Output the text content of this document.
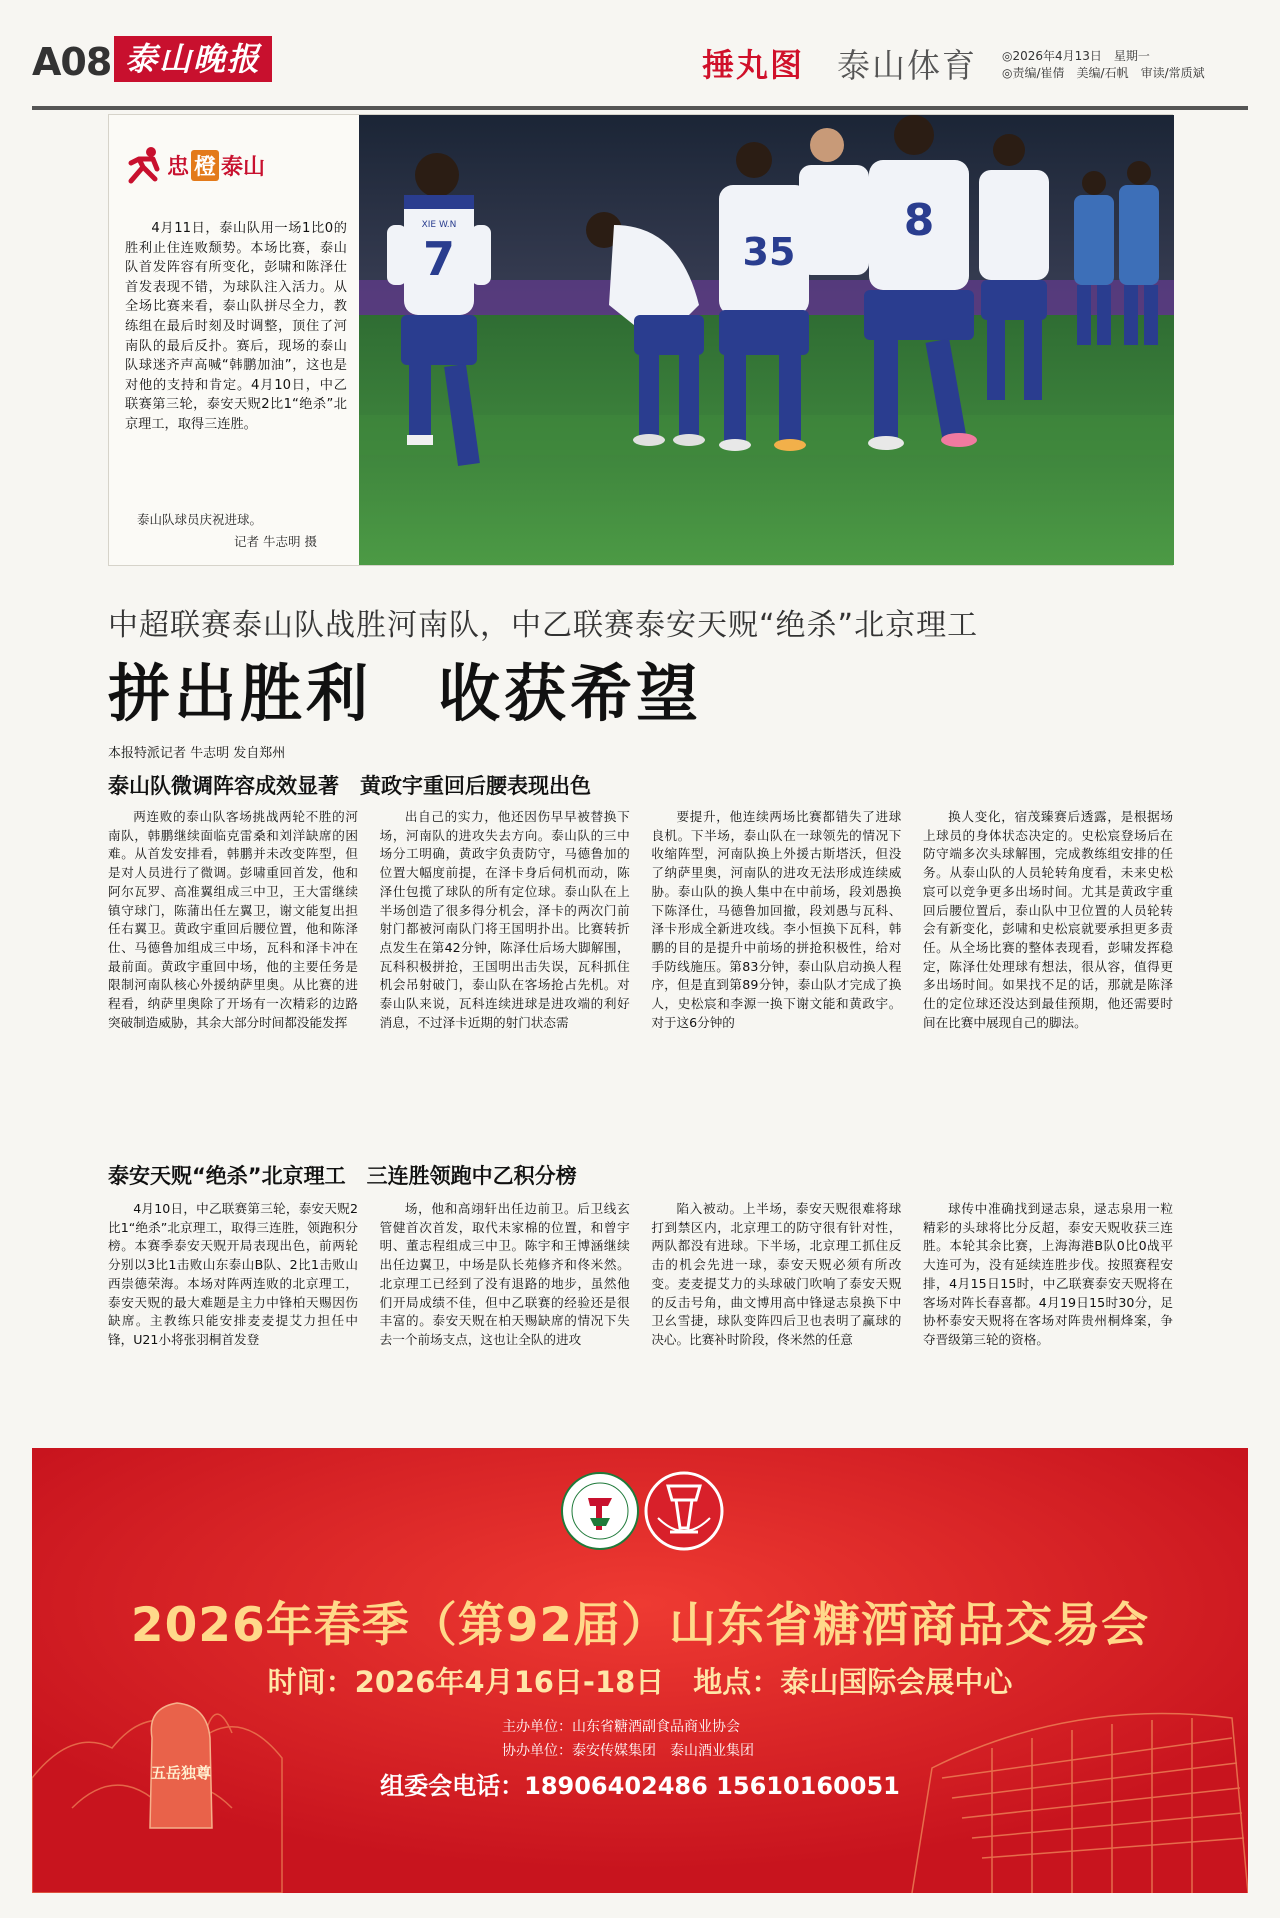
A08 泰山晚报	捶丸图 泰山体育 ◎2026年4月13日　星期一
◎责编/崔倩　美编/石帆　审读/常质斌
忠 橙 泰山
4月11日，泰山队用一场1比0的胜利止住连败颓势。本场比赛，泰山队首发阵容有所变化，彭啸和陈泽仕首发表现不错，为球队注入活力。从全场比赛来看，泰山队拼尽全力，教练组在最后时刻及时调整，顶住了河南队的最后反扑。赛后，现场的泰山队球迷齐声高喊“韩鹏加油”，这也是对他的支持和肯定。4月10日，中乙联赛第三轮，泰安天贶2比1“绝杀”北京理工，取得三连胜。
泰山队球员庆祝进球。
记者 牛志明 摄
7
XIE W.N
35
8
中超联赛泰山队战胜河南队，中乙联赛泰安天贶“绝杀”北京理工
拼出胜利　收获希望
本报特派记者 牛志明 发自郑州
泰山队微调阵容成效显著　黄政宇重回后腰表现出色

两连败的泰山队客场挑战两轮不胜的河南队，韩鹏继续面临克雷桑和刘洋缺席的困难。从首发安排看，韩鹏并未改变阵型，但是对人员进行了微调。彭啸重回首发，他和阿尔瓦罗、高准翼组成三中卫，王大雷继续镇守球门，陈蒲出任左翼卫，谢文能复出担任右翼卫。黄政宇重回后腰位置，他和陈泽仕、马德鲁加组成三中场，瓦科和泽卡冲在最前面。黄政宇重回中场，他的主要任务是限制河南队核心外援纳萨里奥。从比赛的进程看，纳萨里奥除了开场有一次精彩的边路突破制造威胁，其余大部分时间都没能发挥

出自己的实力，他还因伤早早被替换下场，河南队的进攻失去方向。泰山队的三中场分工明确，黄政宇负责防守，马德鲁加的位置大幅度前提，在泽卡身后伺机而动，陈泽仕包揽了球队的所有定位球。泰山队在上半场创造了很多得分机会，泽卡的两次门前射门都被河南队门将王国明扑出。比赛转折点发生在第42分钟，陈泽仕后场大脚解围，瓦科积极拼抢，王国明出击失误，瓦科抓住机会吊射破门，泰山队在客场抢占先机。对泰山队来说，瓦科连续进球是进攻端的利好消息，不过泽卡近期的射门状态需

要提升，他连续两场比赛都错失了进球良机。下半场，泰山队在一球领先的情况下收缩阵型，河南队换上外援古斯塔沃，但没了纳萨里奥，河南队的进攻无法形成连续威胁。泰山队的换人集中在中前场，段刘愚换下陈泽仕，马德鲁加回撤，段刘愚与瓦科、泽卡形成全新进攻线。李小恒换下瓦科，韩鹏的目的是提升中前场的拼抢积极性，给对手防线施压。第83分钟，泰山队启动换人程序，但是直到第89分钟，泰山队才完成了换人，史松宸和李源一换下谢文能和黄政宇。对于这6分钟的

换人变化，宿茂臻赛后透露，是根据场上球员的身体状态决定的。史松宸登场后在防守端多次头球解围，完成教练组安排的任务。从泰山队的人员轮转角度看，未来史松宸可以竞争更多出场时间。尤其是黄政宇重回后腰位置后，泰山队中卫位置的人员轮转会有新变化，彭啸和史松宸就要承担更多责任。从全场比赛的整体表现看，彭啸发挥稳定，陈泽仕处理球有想法，很从容，值得更多出场时间。如果找不足的话，那就是陈泽仕的定位球还没达到最佳预期，他还需要时间在比赛中展现自己的脚法。

泰安天贶“绝杀”北京理工　三连胜领跑中乙积分榜

4月10日，中乙联赛第三轮，泰安天贶2比1“绝杀”北京理工，取得三连胜，领跑积分榜。本赛季泰安天贶开局表现出色，前两轮分别以3比1击败山东泰山B队、2比1击败山西崇德荣海。本场对阵两连败的北京理工，泰安天贶的最大难题是主力中锋柏天赐因伤缺席。主教练只能安排麦麦提艾力担任中锋，U21小将张羽桐首发登

场，他和高翊轩出任边前卫。后卫线玄管健首次首发，取代未家棉的位置，和曾宇明、董志程组成三中卫。陈宇和王博涵继续出任边翼卫，中场是队长苑修齐和佟米然。北京理工已经到了没有退路的地步，虽然他们开局成绩不佳，但中乙联赛的经验还是很丰富的。泰安天贶在柏天赐缺席的情况下失去一个前场支点，这也让全队的进攻

陷入被动。上半场，泰安天贶很难将球打到禁区内，北京理工的防守很有针对性，两队都没有进球。下半场，北京理工抓住反击的机会先进一球，泰安天贶必须有所改变。麦麦提艾力的头球破门吹响了泰安天贶的反击号角，曲文博用高中锋逯志泉换下中卫幺雪捷，球队变阵四后卫也表明了赢球的决心。比赛补时阶段，佟米然的任意

球传中准确找到逯志泉，逯志泉用一粒精彩的头球将比分反超，泰安天贶收获三连胜。本轮其余比赛，上海海港B队0比0战平大连可为，没有延续连胜步伐。按照赛程安排，4月15日15时，中乙联赛泰安天贶将在客场对阵长春喜都。4月19日15时30分，足协杯泰安天贶将在客场对阵贵州桐烽案，争夺晋级第三轮的资格。

五岳独尊
2026年春季（第92届）山东省糖酒商品交易会
时间：2026年4月16日-18日　地点：泰山国际会展中心
主办单位：山东省糖酒副食品商业协会
协办单位：泰安传媒集团　泰山酒业集团
组委会电话：18906402486 15610160051
